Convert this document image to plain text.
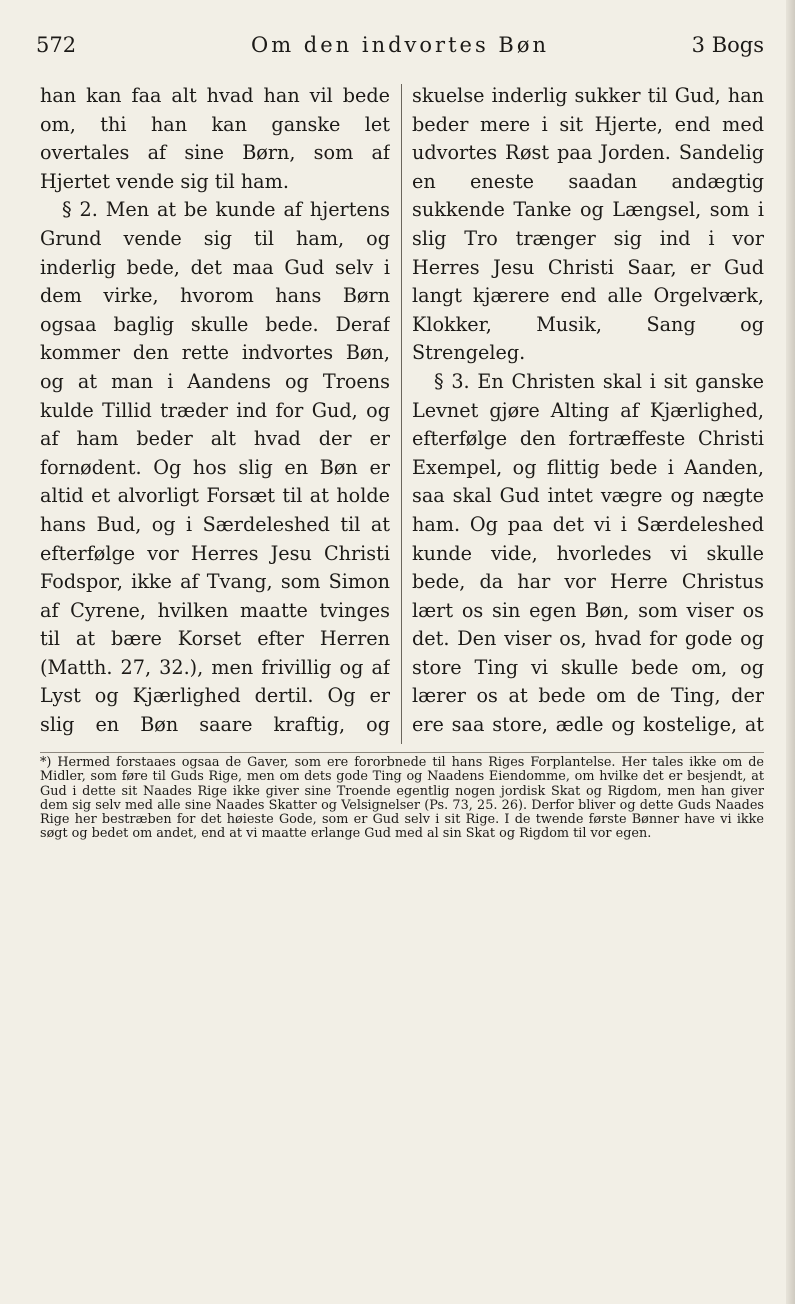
572	Om den indvortes Bøn	3 Bogs

han kan faa alt hvad han vil bede om, thi han kan ganske let overtales af sine Børn, som af Hjertet vende sig til ham.

§ 2. Men at be kunde af hjertens Grund vende sig til ham, og inderlig bede, det maa Gud selv i dem virke, hvorom hans Børn ogsaa baglig skulle bede. Deraf kommer den rette indvortes Bøn, og at man i Aandens og Troens kulde Tillid træder ind for Gud, og af ham beder alt hvad der er fornødent. Og hos slig en Bøn er altid et alvorligt Forsæt til at holde hans Bud, og i Særdeleshed til at efterfølge vor Herres Jesu Christi Fodspor, ikke af Tvang, som Simon af Cyrene, hvilken maatte tvinges til at bære Korset efter Herren (Matth. 27, 32.), men frivillig og af Lyst og Kjærlighed dertil. Og er slig en Bøn saare kraftig, og

skuelse inderlig sukker til Gud, han beder mere i sit Hjerte, end med udvortes Røst paa Jorden. Sandelig en eneste saadan andægtig sukkende Tanke og Længsel, som i slig Tro trænger sig ind i vor Herres Jesu Christi Saar, er Gud langt kjærere end alle Orgelværk, Klokker, Musik, Sang og Strengeleg.

§ 3. En Christen skal i sit ganske Levnet gjøre Alting af Kjærlighed, efterfølge den fortræffeste Christi Exempel, og flittig bede i Aanden, saa skal Gud intet vægre og nægte ham. Og paa det vi i Særdeleshed kunde vide, hvorledes vi skulle bede, da har vor Herre Christus lært os sin egen Bøn, som viser os det. Den viser os, hvad for gode og store Ting vi skulle bede om, og lærer os at bede om de Ting, der ere saa store, ædle og kostelige, at

*) Hermed forstaaes ogsaa de Gaver, som ere fororbnede til hans Riges Forplantelse. Her tales ikke om de Midler, som føre til Guds Rige, men om dets gode Ting og Naadens Eiendomme, om hvilke det er besjendt, at Gud i dette sit Naades Rige ikke giver sine Troende egentlig nogen jordisk Skat og Rigdom, men han giver dem sig selv med alle sine Naades Skatter og Velsignelser (Ps. 73, 25. 26). Derfor bliver og dette Guds Naades Rige her bestræben for det høieste Gode, som er Gud selv i sit Rige. I de twende første Bønner have vi ikke søgt og bedet om andet, end at vi maatte erlange Gud med al sin Skat og Rigdom til vor egen.
